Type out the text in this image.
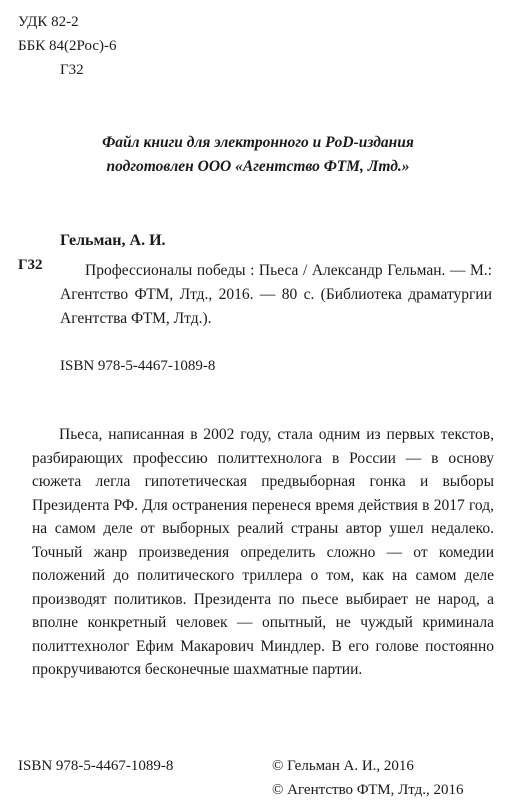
УДК 82-2
ББК 84(2Рос)-6
Г32
Файл книги для электронного и PoD-издания
подготовлен ООО «Агентство ФТМ, Лтд.»
Гельман, А. И.
Г32	Профессионалы победы : Пьеса / Александр Гельман. — М.: Агентство ФТМ, Лтд., 2016. — 80 с. (Библиотека драматургии Агентства ФТМ, Лтд.).
ISBN 978-5-4467-1089-8
Пьеса, написанная в 2002 году, стала одним из первых текстов, разбирающих профессию политтехнолога в России — в основу сюжета легла гипотетическая предвыборная гонка и выборы Президента РФ. Для остранения перенеся время действия в 2017 год, на самом деле от выборных реалий страны автор ушел недалеко. Точный жанр произведения определить сложно — от комедии положений до политического триллера о том, как на самом деле производят политиков. Президента по пьесе выбирает не народ, а вполне конкретный человек — опытный, не чуждый криминала политтехнолог Ефим Макарович Миндлер. В его голове постоянно прокручиваются бесконечные шахматные партии.
ISBN 978-5-4467-1089-8	© Гельман А. И., 2016
© Агентство ФТМ, Лтд., 2016
